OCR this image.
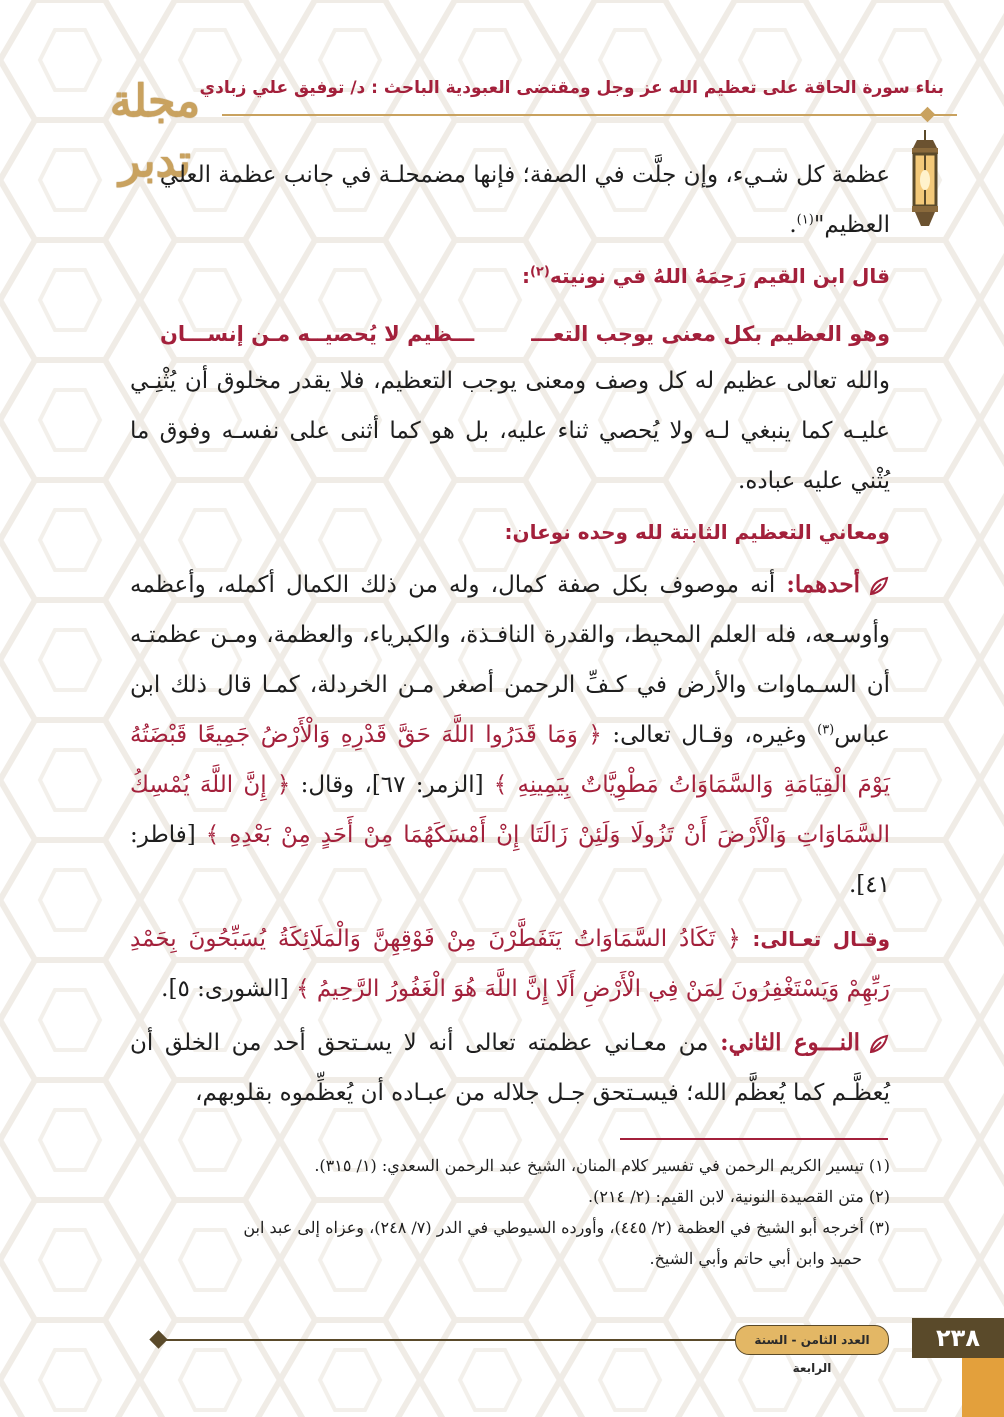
مجلة تدبر
بناء سورة الحاقة على تعظيم الله عز وجل ومقتضى العبودية الباحث : د/ توفيق علي زبادي

عظمة كل شـيء، وإن جلَّت في الصفة؛ فإنها مضمحلـة في جانب عظمة العلي
العظيم"$^{(١)}$.

قال ابن القيم رَحِمَهُ اللهُ في نونيته$^{(٢)}$:

وهو العظيم بكل معنى يوجب التعـــ
ـــظيم لا يُحصيــه مـن إنســـان

والله تعالى عظيم له كل وصف ومعنى يوجب التعظيم، فلا يقدر مخلوق أن يُثْنِـي عليـه كما ينبغي لـه ولا يُحصي ثناء عليه، بل هو كما أثنى على نفسـه وفوق ما يُثْني عليه عباده.

ومعاني التعظيم الثابتة لله وحده نوعان:

أحدهما: أنه موصوف بكل صفة كمال، وله من ذلك الكمال أكمله، وأعظمه وأوسـعه، فله العلم المحيط، والقدرة النافـذة، والكبرياء، والعظمة، ومـن عظمتـه أن السـماوات والأرض في كـفِّ الرحمن أصغر مـن الخردلة، كمـا قال ذلك ابن عباس$^{(٣)}$ وغيره، وقـال تعالى: ﴿ وَمَا قَدَرُوا اللَّهَ حَقَّ قَدْرِهِ وَالْأَرْضُ جَمِيعًا قَبْضَتُهُ يَوْمَ الْقِيَامَةِ وَالسَّمَاوَاتُ مَطْوِيَّاتٌ بِيَمِينِهِ ﴾ [الزمر: ٦٧]، وقال: ﴿ إِنَّ اللَّهَ يُمْسِكُ السَّمَاوَاتِ وَالْأَرْضَ أَنْ تَزُولَا وَلَئِنْ زَالَتَا إِنْ أَمْسَكَهُمَا مِنْ أَحَدٍ مِنْ بَعْدِهِ ﴾ [فاطر: ٤١].

وقـال تعـالى: ﴿ تَكَادُ السَّمَاوَاتُ يَتَفَطَّرْنَ مِنْ فَوْقِهِنَّ وَالْمَلَائِكَةُ يُسَبِّحُونَ بِحَمْدِ رَبِّهِمْ وَيَسْتَغْفِرُونَ لِمَنْ فِي الْأَرْضِ أَلَا إِنَّ اللَّهَ هُوَ الْغَفُورُ الرَّحِيمُ ﴾ [الشورى: ٥].

النـــوع الثاني: من معـاني عظمته تعالى أنه لا يسـتحق أحد من الخلق أن يُعظَّـم كما يُعظَّم الله؛ فيسـتحق جـل جلاله من عبـاده أن يُعظِّموه بقلوبهم،

(١) تيسير الكريم الرحمن في تفسير كلام المنان، الشيخ عبد الرحمن السعدي: (١/ ٣١٥).

(٢) متن القصيدة النونية، لابن القيم: (٢/ ٢١٤).

(٣) أخرجه أبو الشيخ في العظمة (٢/ ٤٤٥)، وأورده السيوطي في الدر (٧/ ٢٤٨)، وعزاه إلى عبد ابن

حميد وابن أبي حاتم وأبي الشيخ.

العدد الثامن - السنة الرابعة
٢٣٨
